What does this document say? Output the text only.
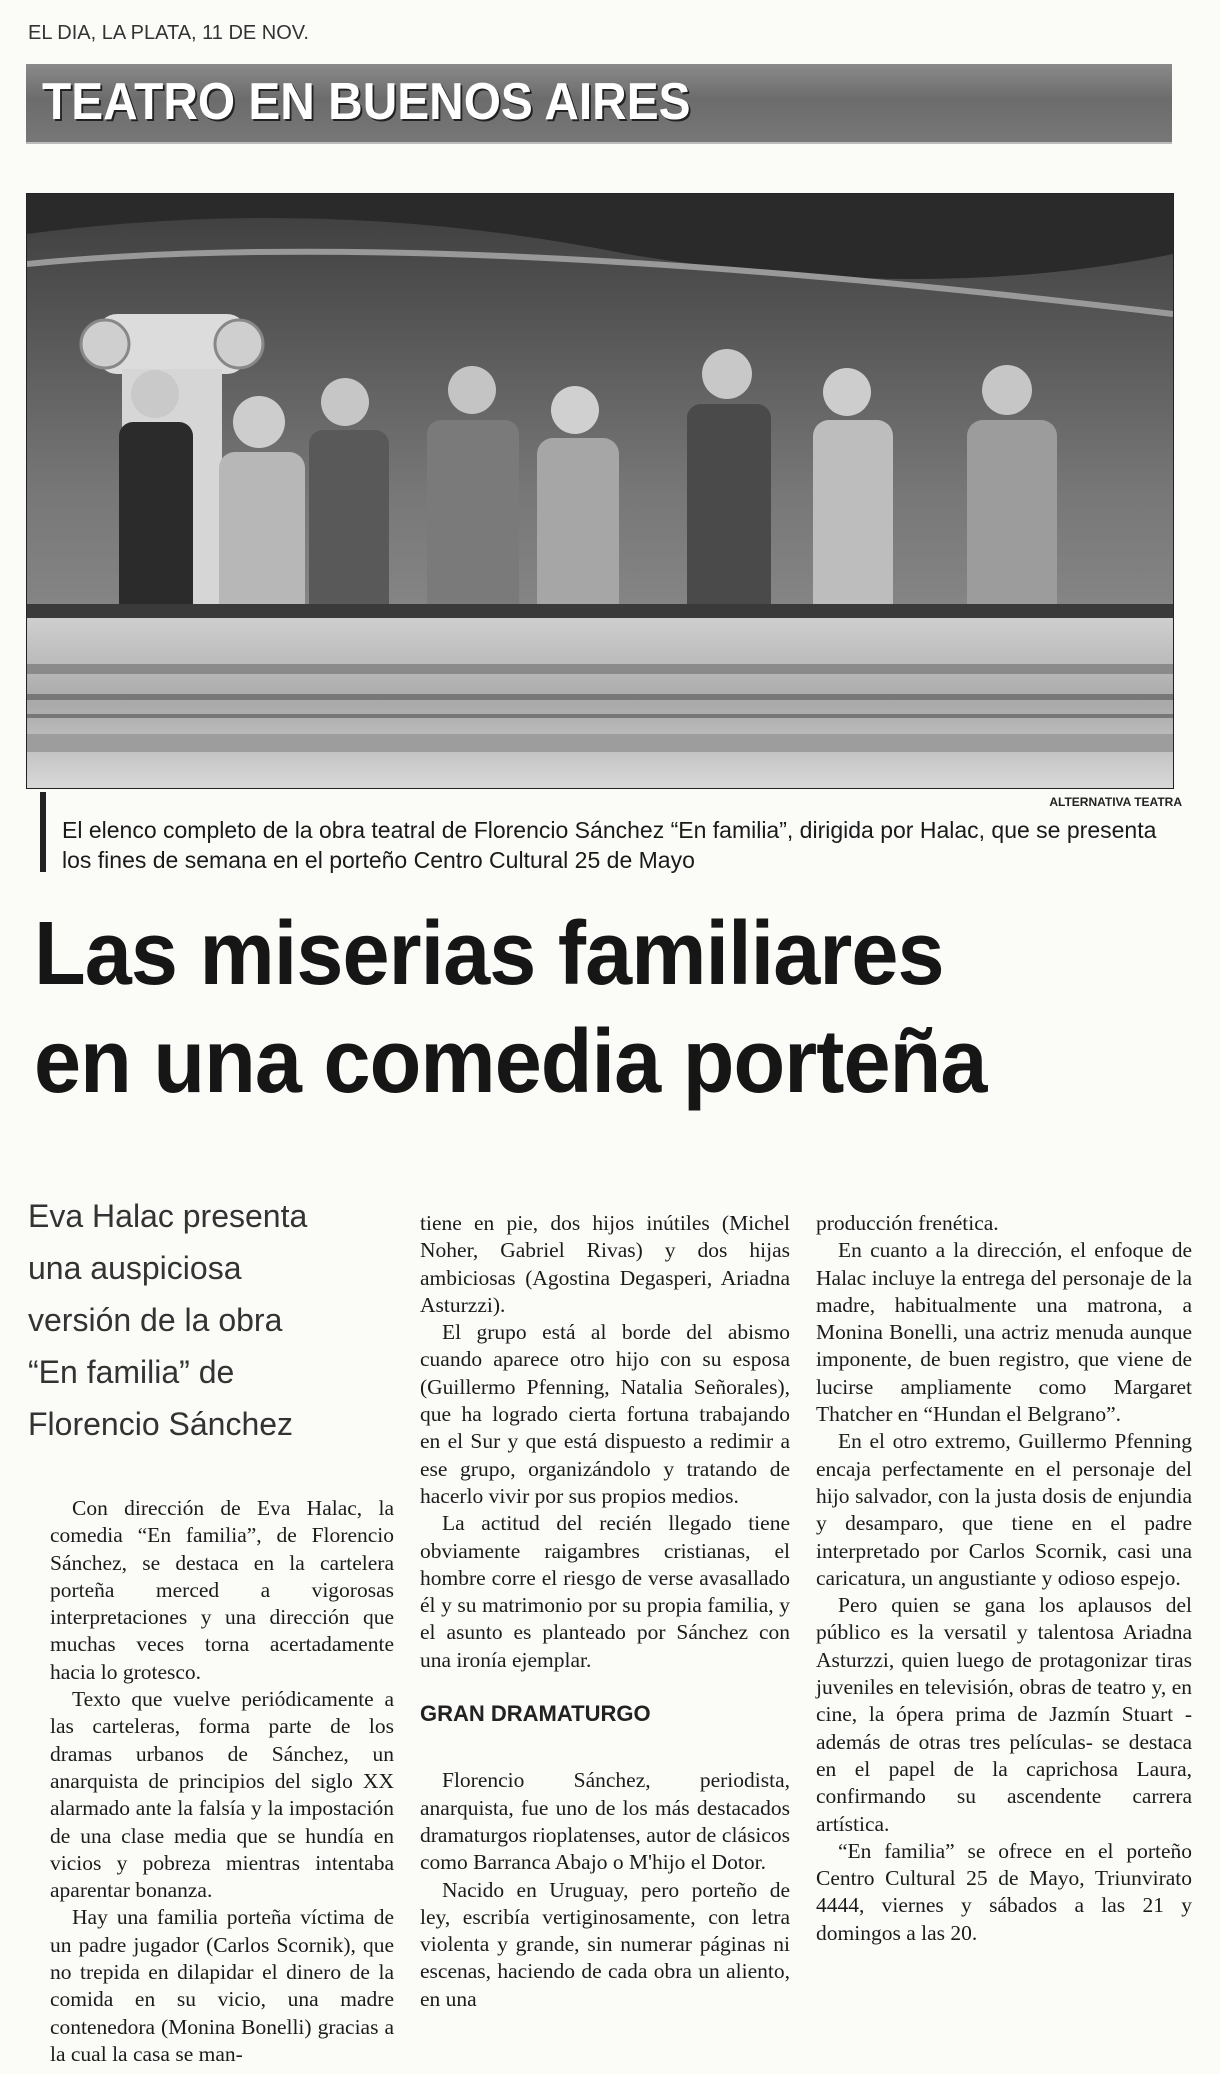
EL DIA, LA PLATA, 11 DE NOV.
TEATRO EN BUENOS AIRES
ALTERNATIVA TEATRA
El elenco completo de la obra teatral de Florencio Sánchez “En familia”, dirigida por Halac, que se presenta los fines de semana en el porteño Centro Cultural 25 de Mayo
Las miserias familiares
en una comedia porteña
Eva Halac presenta
una auspiciosa
versión de la obra
“En familia” de
Florencio Sánchez

Con dirección de Eva Halac, la comedia “En familia”, de Florencio Sánchez, se destaca en la cartelera porteña merced a vigorosas interpretaciones y una dirección que muchas veces torna acertadamente hacia lo grotesco.

Texto que vuelve periódicamente a las carteleras, forma parte de los dramas urbanos de Sánchez, un anarquista de principios del siglo XX alarmado ante la falsía y la impostación de una clase media que se hundía en vicios y pobreza mientras intentaba aparentar bonanza.

Hay una familia porteña víctima de un padre jugador (Carlos Scornik), que no trepida en dilapidar el dinero de la comida en su vicio, una madre contenedora (Monina Bonelli) gracias a la cual la casa se man-

tiene en pie, dos hijos inútiles (Michel Noher, Gabriel Rivas) y dos hijas ambiciosas (Agostina Degasperi, Ariadna Asturzzi).

El grupo está al borde del abismo cuando aparece otro hijo con su esposa (Guillermo Pfenning, Natalia Señorales), que ha logrado cierta fortuna trabajando en el Sur y que está dispuesto a redimir a ese grupo, organizándolo y tratando de hacerlo vivir por sus propios medios.

La actitud del recién llegado tiene obviamente raigambres cristianas, el hombre corre el riesgo de verse avasallado él y su matrimonio por su propia familia, y el asunto es planteado por Sánchez con una ironía ejemplar.

GRAN DRAMATURGO

Florencio Sánchez, periodista, anarquista, fue uno de los más destacados dramaturgos rioplatenses, autor de clásicos como Barranca Abajo o M'hijo el Dotor.

Nacido en Uruguay, pero porteño de ley, escribía vertiginosamente, con letra violenta y grande, sin numerar páginas ni escenas, haciendo de cada obra un aliento, en una

producción frenética.

En cuanto a la dirección, el enfoque de Halac incluye la entrega del personaje de la madre, habitualmente una matrona, a Monina Bonelli, una actriz menuda aunque imponente, de buen registro, que viene de lucirse ampliamente como Margaret Thatcher en “Hundan el Belgrano”.

En el otro extremo, Guillermo Pfenning encaja perfectamente en el personaje del hijo salvador, con la justa dosis de enjundia y desamparo, que tiene en el padre interpretado por Carlos Scornik, casi una caricatura, un angustiante y odioso espejo.

Pero quien se gana los aplausos del público es la versatil y talentosa Ariadna Asturzzi, quien luego de protagonizar tiras juveniles en televisión, obras de teatro y, en cine, la ópera prima de Jazmín Stuart -además de otras tres películas- se destaca en el papel de la caprichosa Laura, confirmando su ascendente carrera artística.

“En familia” se ofrece en el porteño Centro Cultural 25 de Mayo, Triunvirato 4444, viernes y sábados a las 21 y domingos a las 20.
